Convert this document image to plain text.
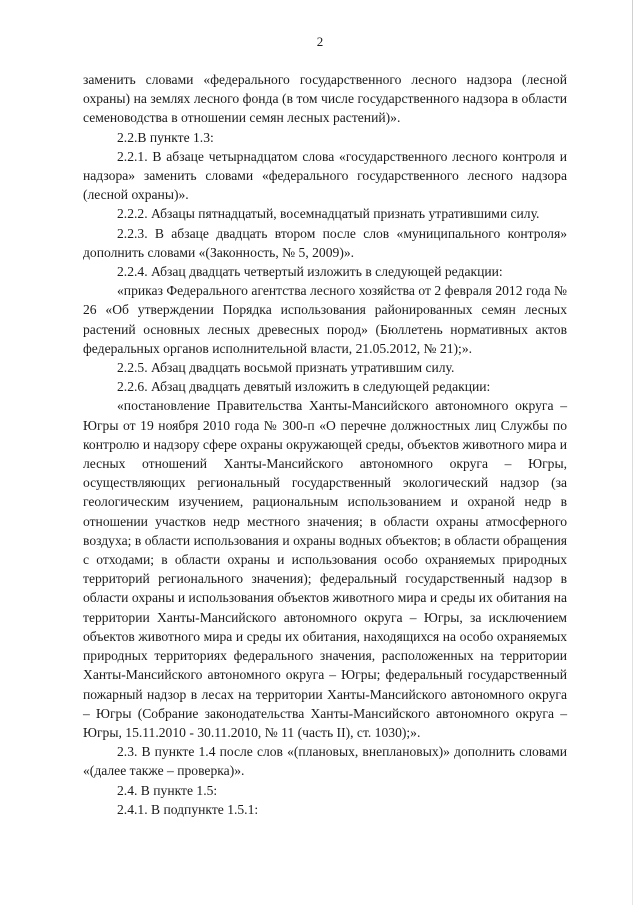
2

заменить словами «федерального государственного лесного надзора (лесной охраны) на землях лесного фонда (в том числе государственного надзора в области семеноводства в отношении семян лесных растений)».

2.2.В пункте 1.3:

2.2.1. В абзаце четырнадцатом слова «государственного лесного контроля и надзора» заменить словами «федерального государственного лесного надзора (лесной охраны)».

2.2.2. Абзацы пятнадцатый, восемнадцатый признать утратившими силу.

2.2.3. В абзаце двадцать втором после слов «муниципального контроля» дополнить словами «(Законность, № 5, 2009)».

2.2.4. Абзац двадцать четвертый изложить в следующей редакции:

«приказ Федерального агентства лесного хозяйства от 2 февраля 2012 года № 26 «Об утверждении Порядка использования районированных семян лесных растений основных лесных древесных пород» (Бюллетень нормативных актов федеральных органов исполнительной власти, 21.05.2012, № 21);».

2.2.5. Абзац двадцать восьмой признать утратившим силу.

2.2.6. Абзац двадцать девятый изложить в следующей редакции:

«постановление Правительства Ханты-Мансийского автономного округа – Югры от 19 ноября 2010 года № 300-п «О перечне должностных лиц Службы по контролю и надзору сфере охраны окружающей среды, объектов животного мира и лесных отношений Ханты-Мансийского автономного округа – Югры, осуществляющих региональный государственный экологический надзор (за геологическим изучением, рациональным использованием и охраной недр в отношении участков недр местного значения; в области охраны атмосферного воздуха; в области использования и охраны водных объектов; в области обращения с отходами; в области охраны и использования особо охраняемых природных территорий регионального значения); федеральный государственный надзор в области охраны и использования объектов животного мира и среды их обитания на территории Ханты-Мансийского автономного округа – Югры, за исключением объектов животного мира и среды их обитания, находящихся на особо охраняемых природных территориях федерального значения, расположенных на территории Ханты-Мансийского автономного округа – Югры; федеральный государственный пожарный надзор в лесах на территории Ханты-Мансийского автономного округа – Югры (Собрание законодательства Ханты-Мансийского автономного округа – Югры, 15.11.2010 - 30.11.2010, № 11 (часть II), ст. 1030);».

2.3. В пункте 1.4 после слов «(плановых, внеплановых)» дополнить словами «(далее также – проверка)».

2.4. В пункте 1.5:

2.4.1. В подпункте 1.5.1:
